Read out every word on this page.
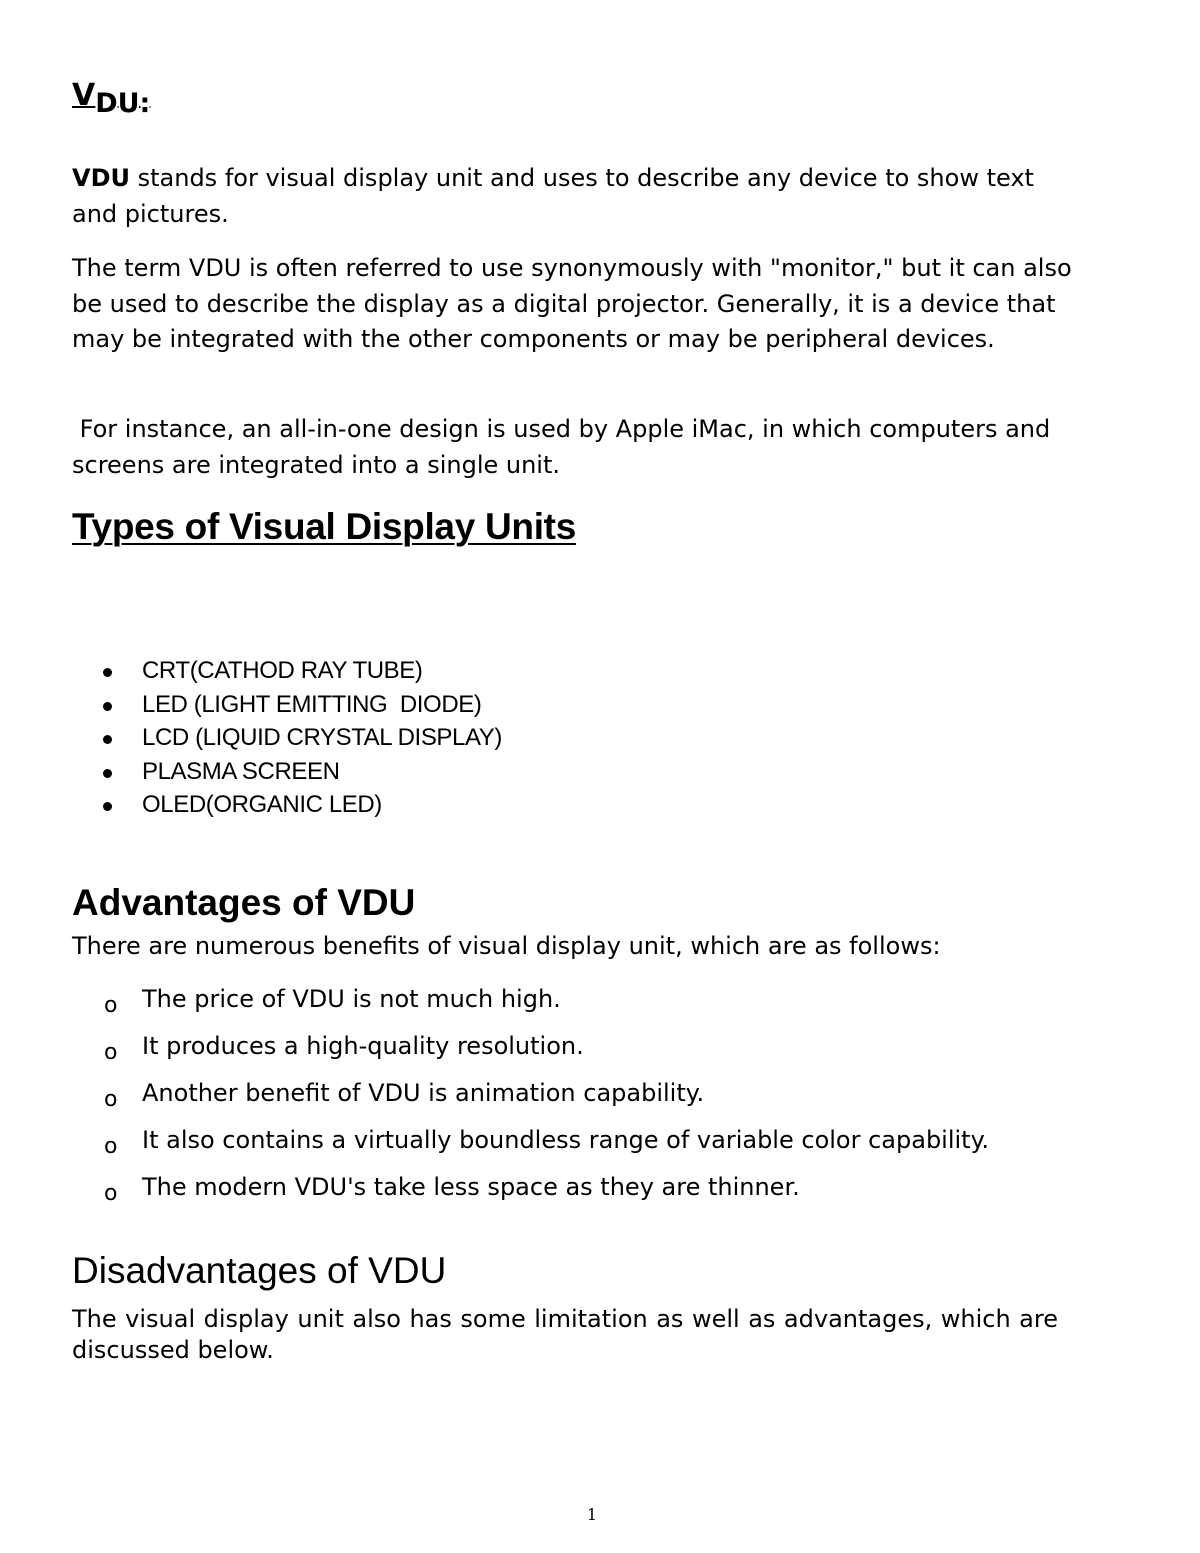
VDU:
VDU stands for visual display unit and uses to describe any device to show text and pictures.
The term VDU is often referred to use synonymously with "monitor," but it can also be used to describe the display as a digital projector. Generally, it is a device that may be integrated with the other components or may be peripheral devices.
For instance, an all-in-one design is used by Apple iMac, in which computers and screens are integrated into a single unit.
Types of Visual Display Units
CRT(CATHOD RAY TUBE)
LED (LIGHT EMITTING  DIODE)
LCD (LIQUID CRYSTAL DISPLAY)
PLASMA SCREEN
OLED(ORGANIC LED)
Advantages of VDU
There are numerous benefits of visual display unit, which are as follows:
o The price of VDU is not much high.
o It produces a high-quality resolution.
o Another benefit of VDU is animation capability.
o It also contains a virtually boundless range of variable color capability.
o The modern VDU's take less space as they are thinner.
Disadvantages of VDU
The visual display unit also has some limitation as well as advantages, which are discussed below.
1
